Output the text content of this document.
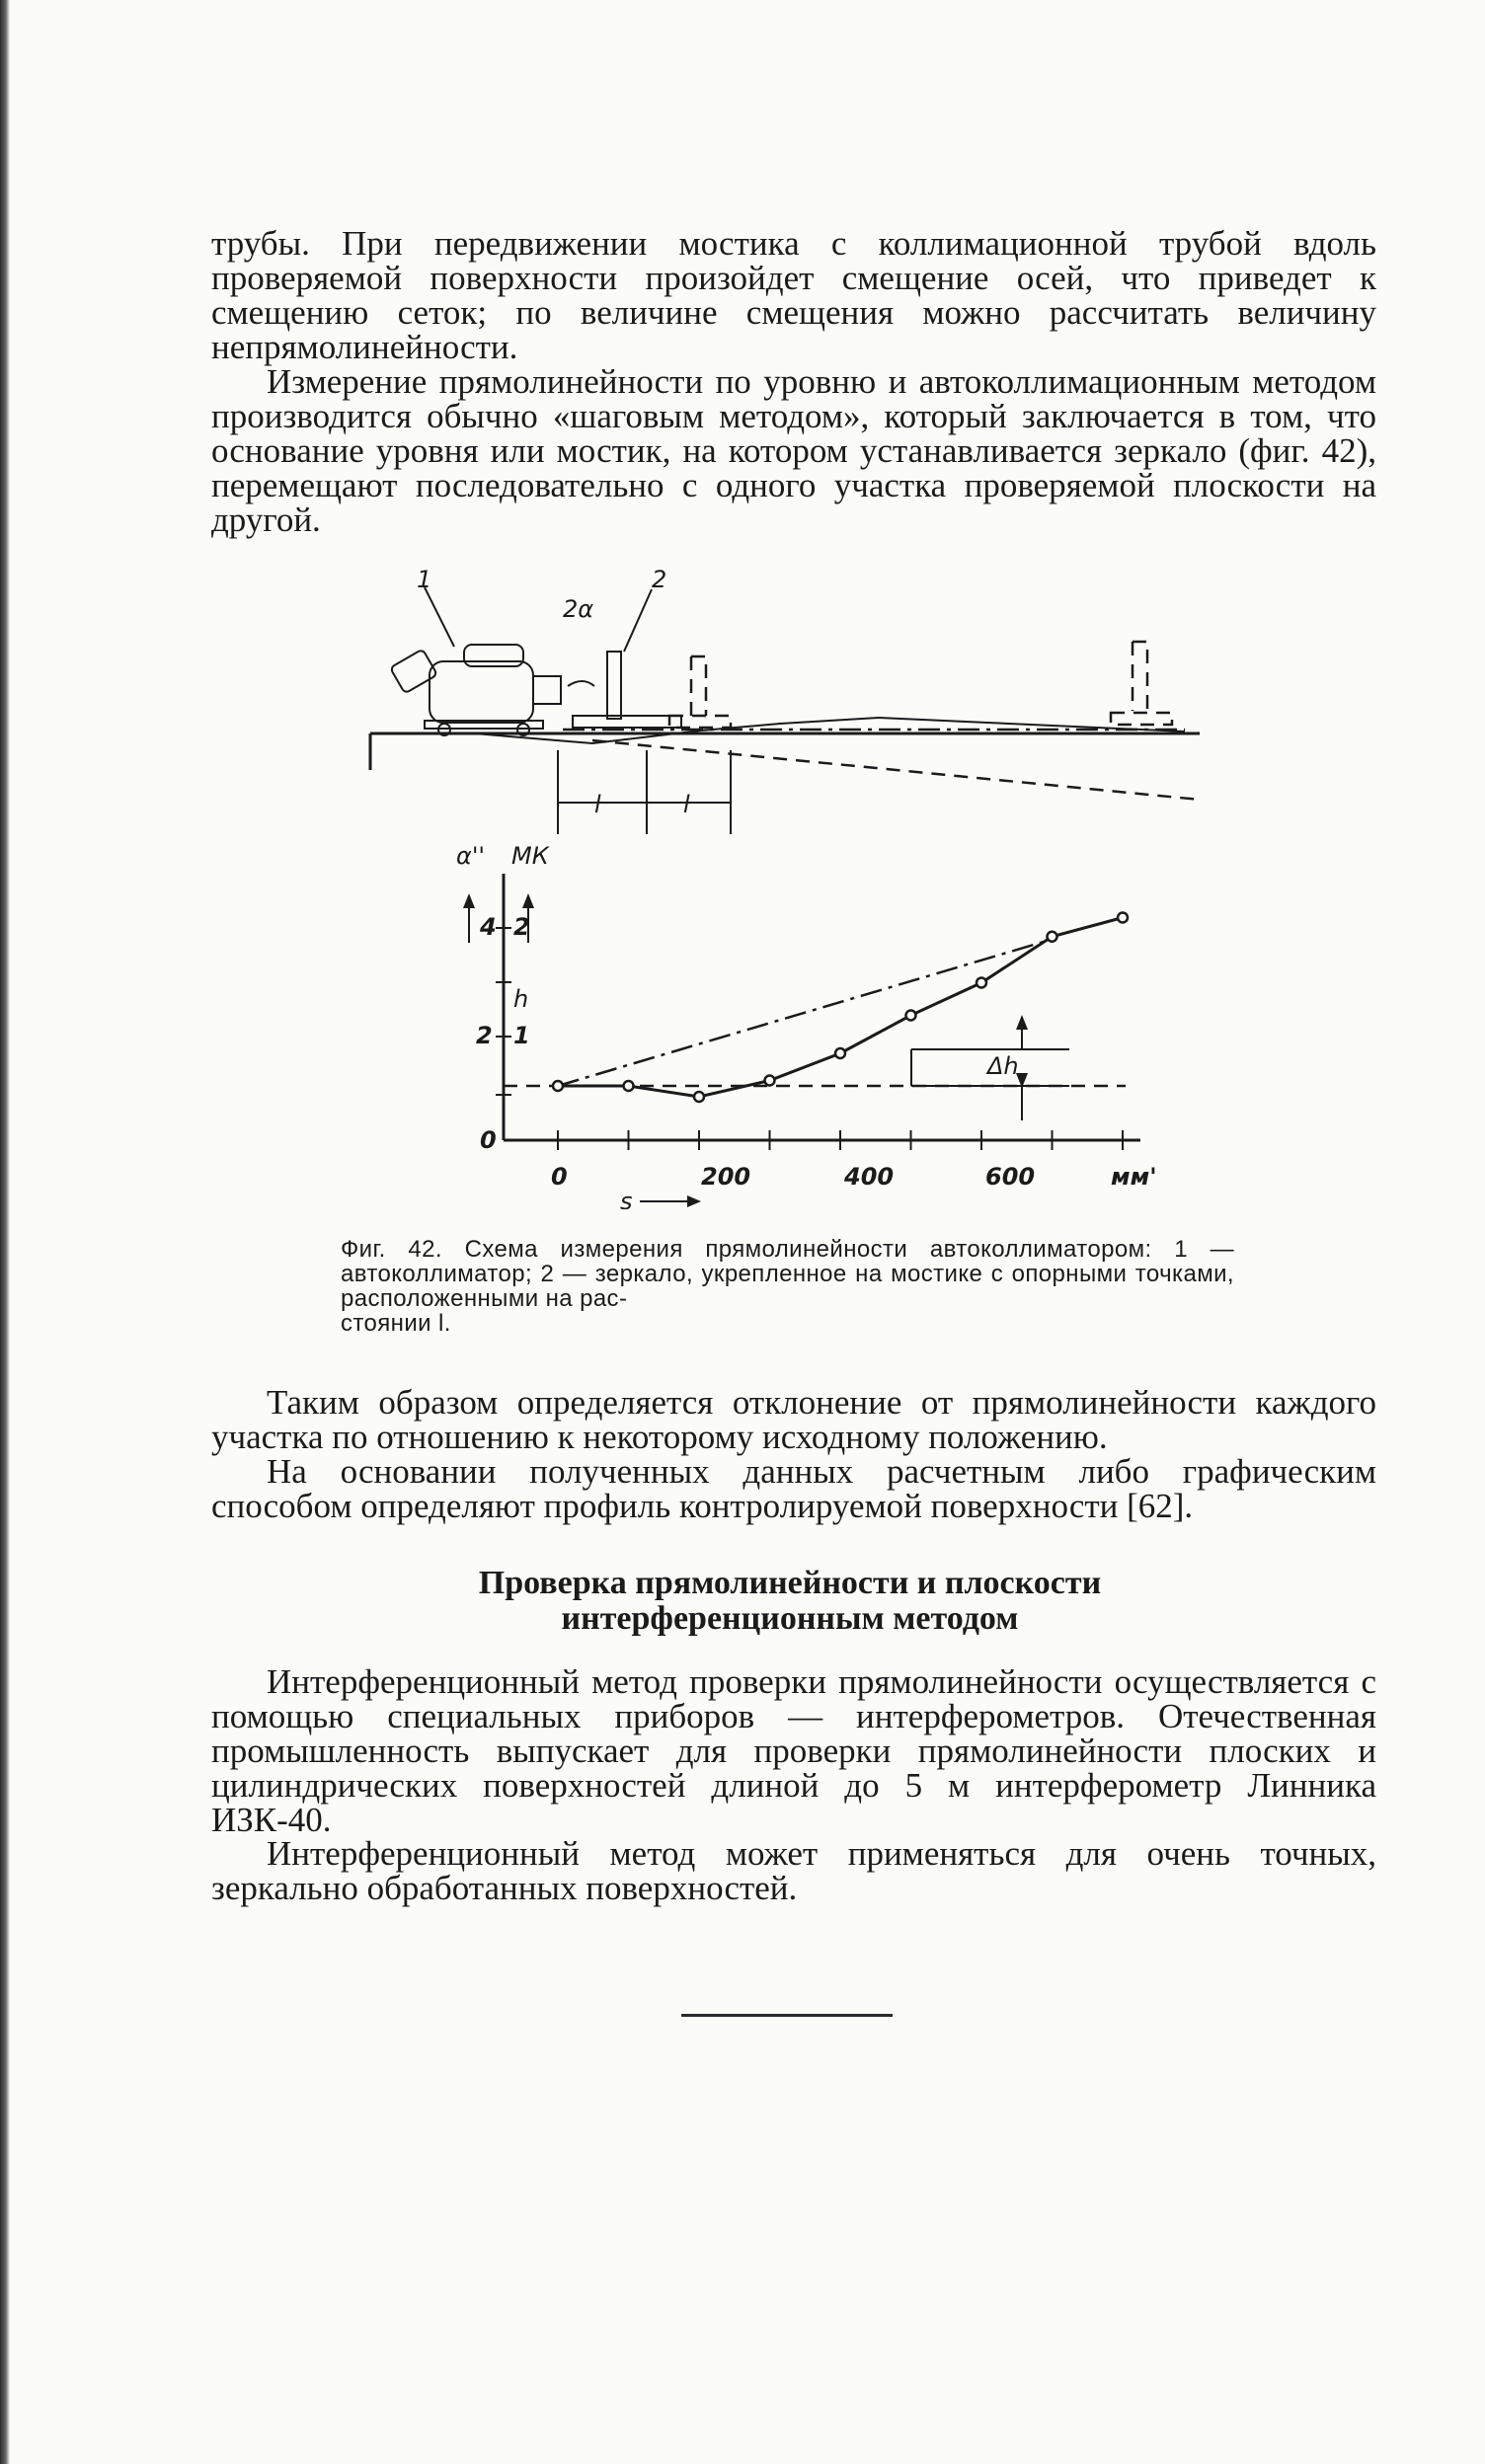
трубы. При передвижении мостика с коллимационной трубой вдоль проверяемой поверхности произойдет смещение осей, что приведет к смещению сеток; по величине смещения можно рассчитать величину непрямолинейности.

Измерение прямолинейности по уровню и автоколлимационным методом производится обычно «шаговым методом», который заключается в том, что основание уровня или мостик, на котором устанавливается зеркало (фиг. 42), перемещают последовательно с одного участка проверяемой плоскости на другой.

1	2
2α
l	l
α'' МК
h
0
2
4
1
2
0	200	400	600	мм'
s
Δh

Фиг. 42. Схема измерения прямолинейности автоколлиматором: 1 — автоколлиматор; 2 — зеркало, укрепленное на мостике с опорными точками, расположенными на рас-
стоянии l.

Таким образом определяется отклонение от прямолинейности каждого участка по отношению к некоторому исходному положению.

На основании полученных данных расчетным либо графическим способом определяют профиль контролируемой поверхности [62].

Проверка прямолинейности и плоскости
интерференционным методом

Интерференционный метод проверки прямолинейности осуществляется с помощью специальных приборов — интерферометров. Отечественная промышленность выпускает для проверки прямолинейности плоских и цилиндрических поверхностей длиной до 5 м интерферометр Линника ИЗК-40.

Интерференционный метод может применяться для очень точных, зеркально обработанных поверхностей.
